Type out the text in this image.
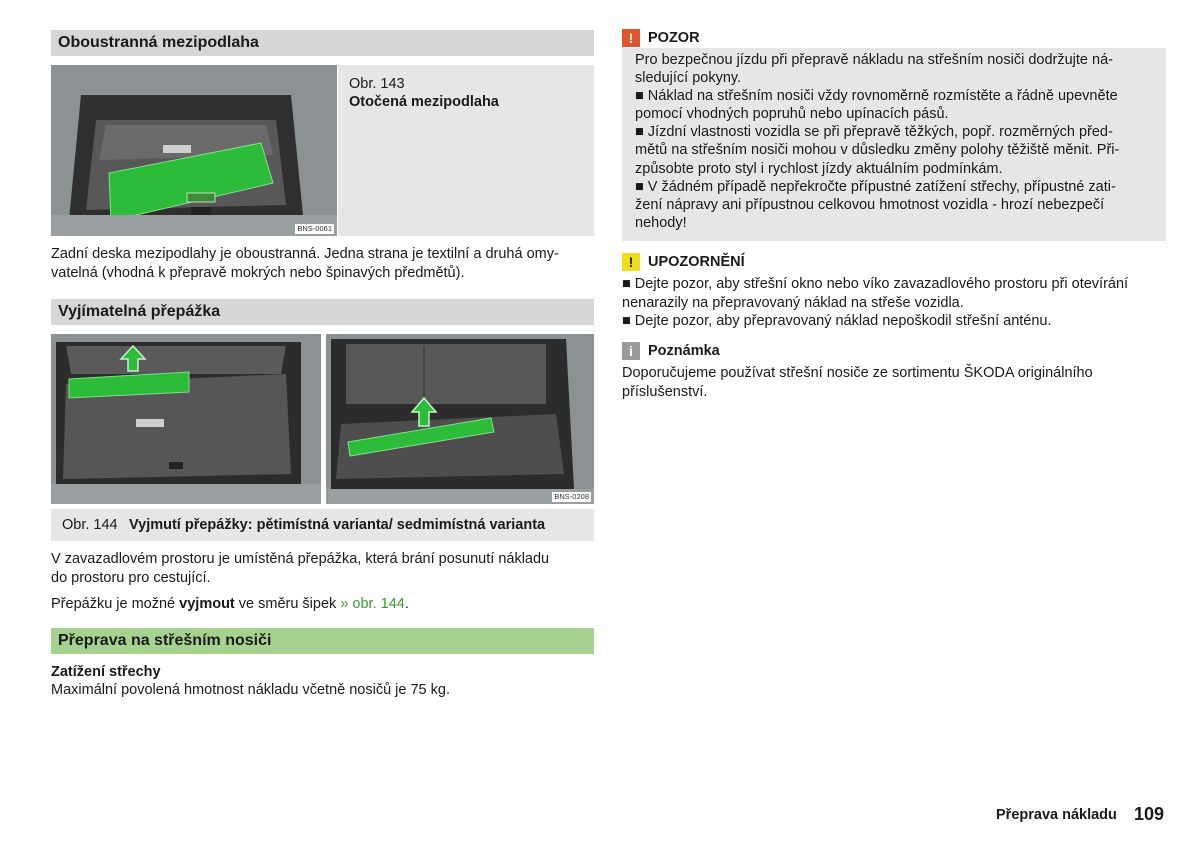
Oboustranná mezipodlaha
BNS-0061
Obr. 143
Otočená mezipodlaha
Zadní deska mezipodlahy je oboustranná. Jedna strana je textilní a druhá omy-
vatelná (vhodná k přepravě mokrých nebo špinavých předmětů).
Vyjímatelná přepážka
BNS-0208
Obr. 144 Vyjmutí přepážky: pětimístná varianta/ sedmimístná varianta
V zavazadlovém prostoru je umístěná přepážka, která brání posunutí nákladu
do prostoru pro cestující.
Přepážku je možné vyjmout ve směru šipek » obr. 144.
Přeprava na střešním nosiči
Zatížení střechy
Maximální povolená hmotnost nákladu včetně nosičů je 75 kg.
!	POZOR
Pro bezpečnou jízdu při přepravě nákladu na střešním nosiči dodržujte ná-
sledující pokyny.
■ Náklad na střešním nosiči vždy rovnoměrně rozmístěte a řádně upevněte
pomocí vhodných popruhů nebo upínacích pásů.
■ Jízdní vlastnosti vozidla se při přepravě těžkých, popř. rozměrných před-
mětů na střešním nosiči mohou v důsledku změny polohy těžiště měnit. Při-
způsobte proto styl i rychlost jízdy aktuálním podmínkám.
■ V žádném případě nepřekročte přípustné zatížení střechy, přípustné zati-
žení nápravy ani přípustnou celkovou hmotnost vozidla - hrozí nebezpečí
nehody!
!	UPOZORNĚNÍ
■ Dejte pozor, aby střešní okno nebo víko zavazadlového prostoru při otevírání
nenarazily na přepravovaný náklad na střeše vozidla.
■ Dejte pozor, aby přepravovaný náklad nepoškodil střešní anténu.
i	Poznámka
Doporučujeme používat střešní nosiče ze sortimentu ŠKODA originálního
příslušenství.
Přeprava nákladu 109
